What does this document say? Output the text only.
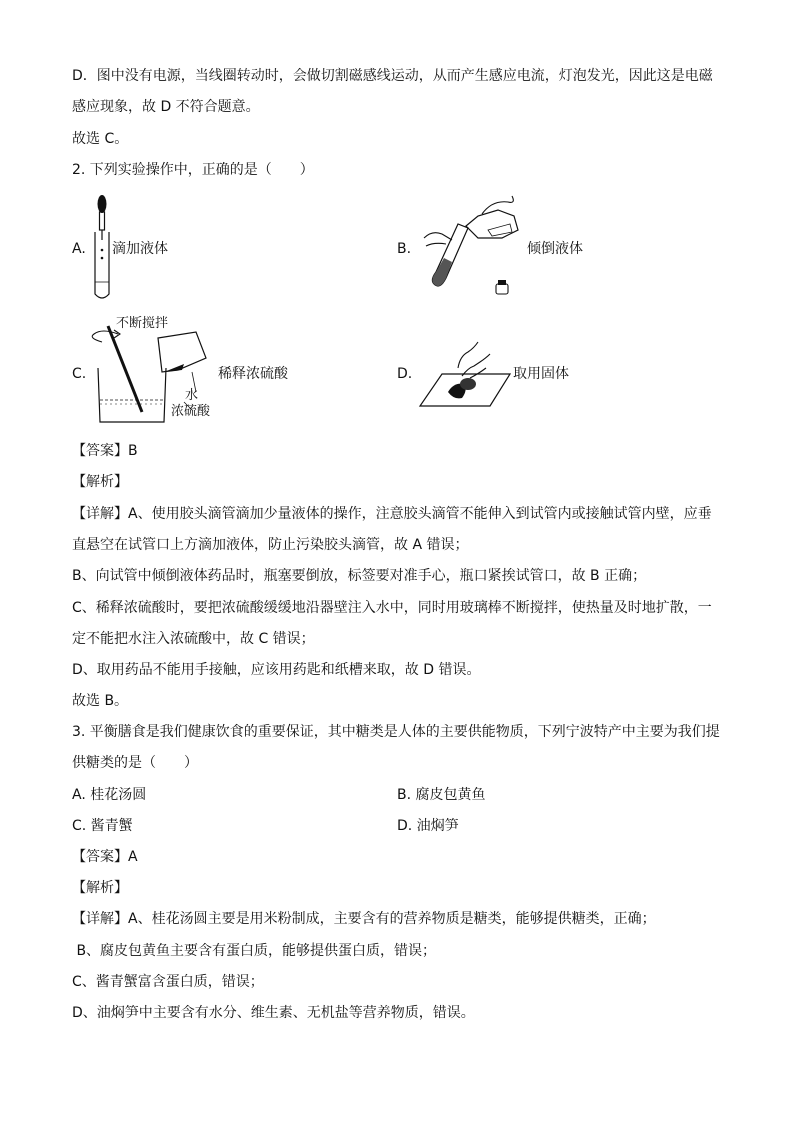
D．图中没有电源，当线圈转动时，会做切割磁感线运动，从而产生感应电流，灯泡发光，因此这是电磁
感应现象，故 D 不符合题意。
故选 C。
2. 下列实验操作中，正确的是（　　）
A. 滴加液体	B.	倾倒液体
C.
不断搅拌
水
浓硫酸
稀释浓硫酸	D.	取用固体
【答案】B
【解析】
【详解】A、使用胶头滴管滴加少量液体的操作，注意胶头滴管不能伸入到试管内或接触试管内壁，应垂
直悬空在试管口上方滴加液体，防止污染胶头滴管，故 A 错误；
B、向试管中倾倒液体药品时，瓶塞要倒放，标签要对准手心，瓶口紧挨试管口，故 B 正确；
C、稀释浓硫酸时，要把浓硫酸缓缓地沿器壁注入水中，同时用玻璃棒不断搅拌，使热量及时地扩散，一
定不能把水注入浓硫酸中，故 C 错误；
D、取用药品不能用手接触，应该用药匙和纸槽来取，故 D 错误。
故选 B。
3. 平衡膳食是我们健康饮食的重要保证，其中糖类是人体的主要供能物质，下列宁波特产中主要为我们提
供糖类的是（　　）
A. 桂花汤圆	B. 腐皮包黄鱼
C. 酱青蟹	D. 油焖笋
【答案】A
【解析】
【详解】A、桂花汤圆主要是用米粉制成，主要含有的营养物质是糖类，能够提供糖类，正确；
B、腐皮包黄鱼主要含有蛋白质，能够提供蛋白质，错误；
C、酱青蟹富含蛋白质，错误；
D、油焖笋中主要含有水分、维生素、无机盐等营养物质，错误。
